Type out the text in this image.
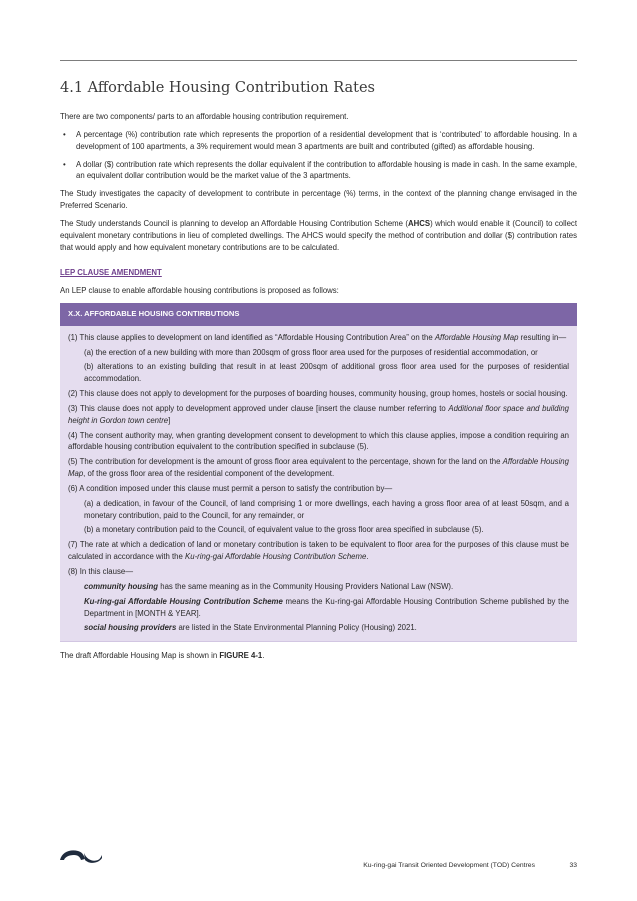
4.1 Affordable Housing Contribution Rates

There are two components/ parts to an affordable housing contribution requirement.

• A percentage (%) contribution rate which represents the proportion of a residential development that is ‘contributed’ to affordable housing. In a development of 100 apartments, a 3% requirement would mean 3 apartments are built and contributed (gifted) as affordable housing.
• A dollar ($) contribution rate which represents the dollar equivalent if the contribution to affordable housing is made in cash. In the same example, an equivalent dollar contribution would be the market value of the 3 apartments.

The Study investigates the capacity of development to contribute in percentage (%) terms, in the context of the planning change envisaged in the Preferred Scenario.

The Study understands Council is planning to develop an Affordable Housing Contribution Scheme (AHCS) which would enable it (Council) to collect equivalent monetary contributions in lieu of completed dwellings. The AHCS would specify the method of contribution and dollar ($) contribution rates that would apply and how equivalent monetary contributions are to be calculated.

LEP CLAUSE AMENDMENT

An LEP clause to enable affordable housing contributions is proposed as follows:

X.X. AFFORDABLE HOUSING CONTIRBUTIONS

(1) This clause applies to development on land identified as “Affordable Housing Contribution Area” on the Affordable Housing Map resulting in—

(a) the erection of a new building with more than 200sqm of gross floor area used for the purposes of residential accommodation, or

(b) alterations to an existing building that result in at least 200sqm of additional gross floor area used for the purposes of residential accommodation.

(2) This clause does not apply to development for the purposes of boarding houses, community housing, group homes, hostels or social housing.

(3) This clause does not apply to development approved under clause [insert the clause number referring to Additional floor space and building height in Gordon town centre]

(4) The consent authority may, when granting development consent to development to which this clause applies, impose a condition requiring an affordable housing contribution equivalent to the contribution specified in subclause (5).

(5) The contribution for development is the amount of gross floor area equivalent to the percentage, shown for the land on the Affordable Housing Map, of the gross floor area of the residential component of the development.

(6) A condition imposed under this clause must permit a person to satisfy the contribution by—

(a) a dedication, in favour of the Council, of land comprising 1 or more dwellings, each having a gross floor area of at least 50sqm, and a monetary contribution, paid to the Council, for any remainder, or

(b) a monetary contribution paid to the Council, of equivalent value to the gross floor area specified in subclause (5).

(7) The rate at which a dedication of land or monetary contribution is taken to be equivalent to floor area for the purposes of this clause must be calculated in accordance with the Ku-ring-gai Affordable Housing Contribution Scheme.

(8) In this clause—

community housing has the same meaning as in the Community Housing Providers National Law (NSW).

Ku-ring-gai Affordable Housing Contribution Scheme means the Ku-ring-gai Affordable Housing Contribution Scheme published by the Department in [MONTH & YEAR].

social housing providers are listed in the State Environmental Planning Policy (Housing) 2021.

The draft Affordable Housing Map is shown in FIGURE 4-1.

Ku-ring-gai Transit Oriented Development (TOD) Centres	33
